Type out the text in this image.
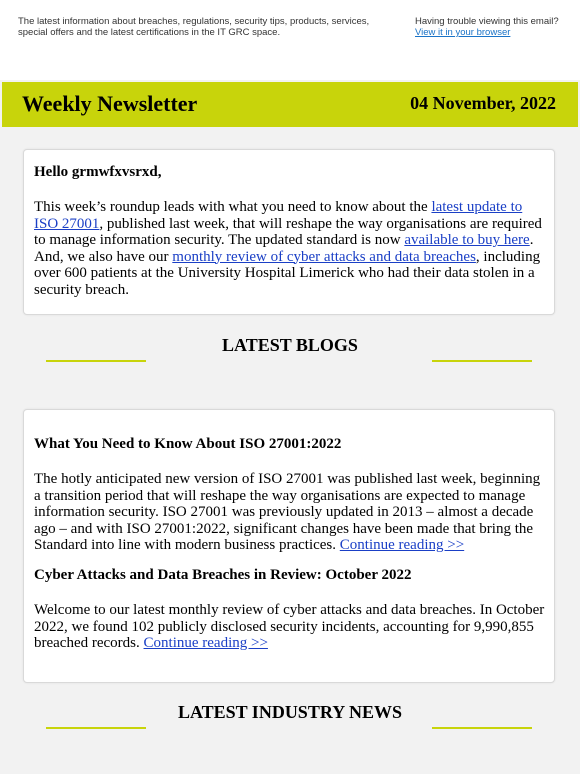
The latest information about breaches, regulations, security tips, products, services, special offers and the latest certifications in the IT GRC space.
Having trouble viewing this email?
View it in your browser
Weekly Newsletter	04 November, 2022
Hello grmwfxvsrxd,
This week’s roundup leads with what you need to know about the latest update to ISO 27001, published last week, that will reshape the way organisations are required to manage information security. The updated standard is now available to buy here. And, we also have our monthly review of cyber attacks and data breaches, including over 600 patients at the University Hospital Limerick who had their data stolen in a security breach.
LATEST BLOGS
What You Need to Know About ISO 27001:2022
The hotly anticipated new version of ISO 27001 was published last week, beginning a transition period that will reshape the way organisations are expected to manage information security. ISO 27001 was previously updated in 2013 – almost a decade ago – and with ISO 27001:2022, significant changes have been made that bring the Standard into line with modern business practices. Continue reading >>
Cyber Attacks and Data Breaches in Review: October 2022
Welcome to our latest monthly review of cyber attacks and data breaches. In October 2022, we found 102 publicly disclosed security incidents, accounting for 9,990,855 breached records. Continue reading >>
LATEST INDUSTRY NEWS
